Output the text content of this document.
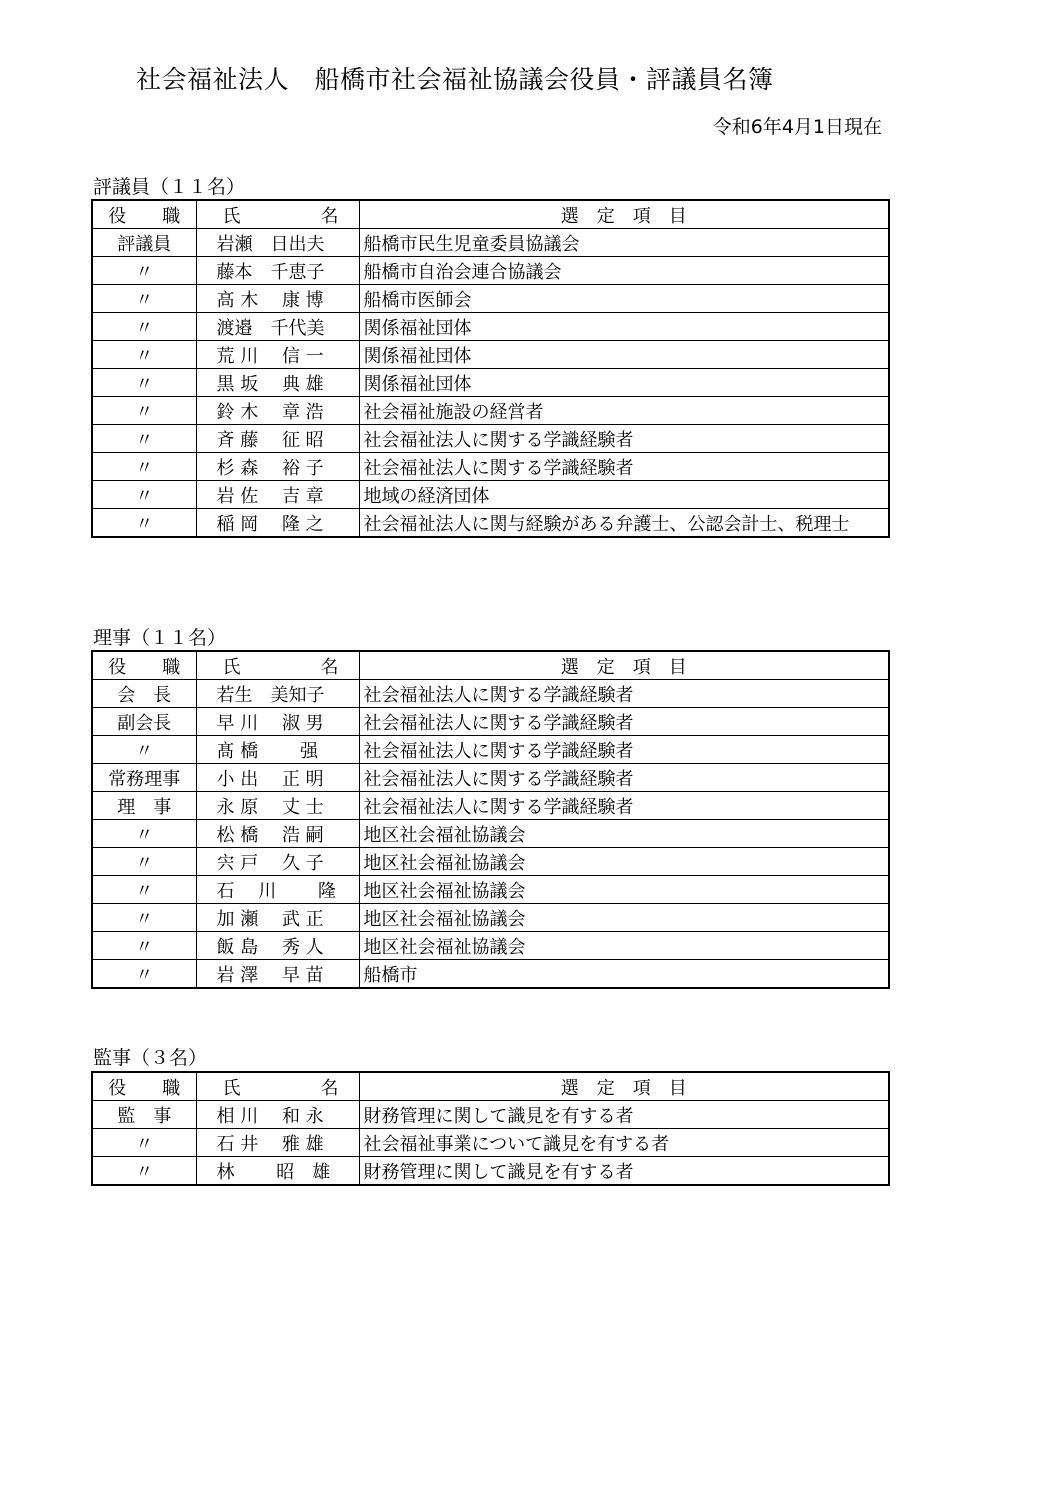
社会福祉法人　船橋市社会福祉協議会役員・評議員名簿
令和6年4月1日現在
評議員（１１名）
役　　職	氏 名	選　定　項　目
評議員	岩瀬　日出夫	船橋市民生児童委員協議会
〃	藤本　千恵子	船橋市自治会連合協議会
〃	高 木　 康 博	船橋市医師会
〃	渡邉　千代美	関係福祉団体
〃	荒 川　 信 一	関係福祉団体
〃	黒 坂　 典 雄	関係福祉団体
〃	鈴 木　 章 浩	社会福祉施設の経営者
〃	斉 藤　 征 昭	社会福祉法人に関する学識経験者
〃	杉 森　 裕 子	社会福祉法人に関する学識経験者
〃	岩 佐　 吉 章	地域の経済団体
〃	稲 岡　 隆 之	社会福祉法人に関与経験がある弁護士、公認会計士、税理士
理事（１１名）
役　　職	氏 名	選　定　項　目
会　長	若生　美知子	社会福祉法人に関する学識経験者
副会長	早 川　 淑 男	社会福祉法人に関する学識経験者
〃	髙 橋　　 强	社会福祉法人に関する学識経験者
常務理事	小 出　 正 明	社会福祉法人に関する学識経験者
理　事	永 原　 丈 士	社会福祉法人に関する学識経験者
〃	松 橋　 浩 嗣	地区社会福祉協議会
〃	宍 戸　 久 子	地区社会福祉協議会
〃	石　 川　　 隆	地区社会福祉協議会
〃	加 瀬　 武 正	地区社会福祉協議会
〃	飯 島　 秀 人	地区社会福祉協議会
〃	岩 澤　 早 苗	船橋市
監事（３名）
役　　職	氏 名	選　定　項　目
監　事	相 川　 和 永	財務管理に関して識見を有する者
〃	石 井　 雅 雄	社会福祉事業について識見を有する者
〃	林　　 昭　雄	財務管理に関して識見を有する者
